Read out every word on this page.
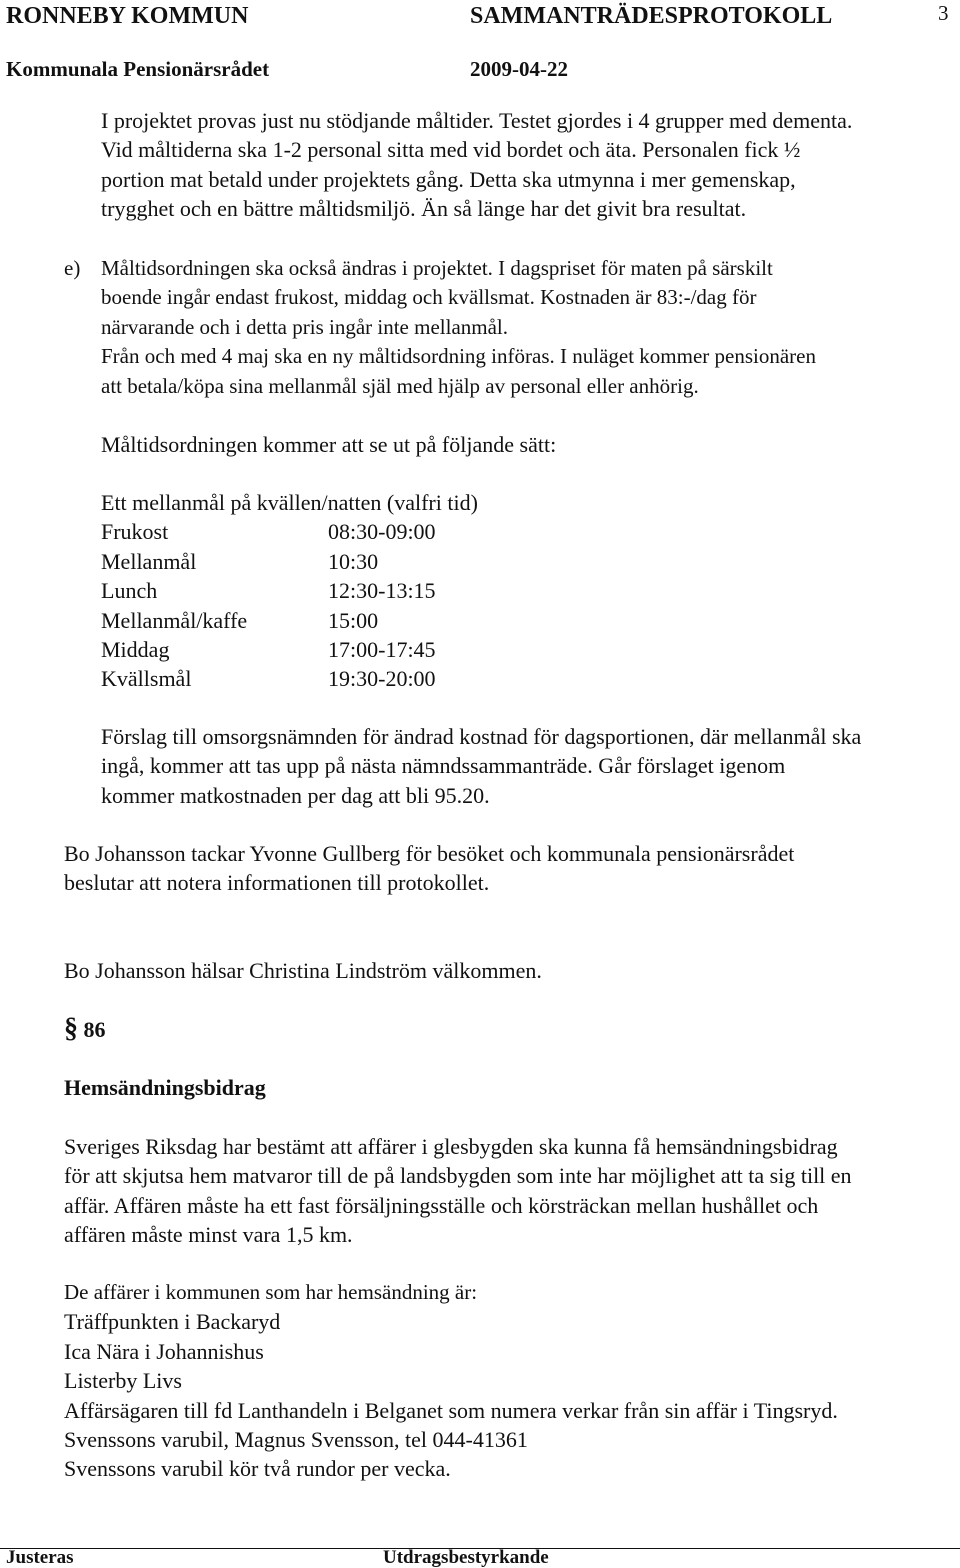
RONNEBY KOMMUN	SAMMANTRÄDESPROTOKOLL	3
Kommunala Pensionärsrådet	2009-04-22
I projektet provas just nu stödjande måltider. Testet gjordes i 4 grupper med dementa.
Vid måltiderna ska 1-2 personal sitta med vid bordet och äta. Personalen fick ½
portion mat betald under projektets gång. Detta ska utmynna i mer gemenskap,
trygghet och en bättre måltidsmiljö. Än så länge har det givit bra resultat.
e) Måltidsordningen ska också ändras i projektet. I dagspriset för maten på särskilt
boende ingår endast frukost, middag och kvällsmat. Kostnaden är 83:-/dag för
närvarande och i detta pris ingår inte mellanmål.
Från och med 4 maj ska en ny måltidsordning införas. I nuläget kommer pensionären
att betala/köpa sina mellanmål själ med hjälp av personal eller anhörig.
Måltidsordningen kommer att se ut på följande sätt:
Ett mellanmål på kvällen/natten (valfri tid)
Frukost	08:30-09:00
Mellanmål	10:30
Lunch	12:30-13:15
Mellanmål/kaffe	15:00
Middag	17:00-17:45
Kvällsmål	19:30-20:00
Förslag till omsorgsnämnden för ändrad kostnad för dagsportionen, där mellanmål ska
ingå, kommer att tas upp på nästa nämndssammanträde. Går förslaget igenom
kommer matkostnaden per dag att bli 95.20.
Bo Johansson tackar Yvonne Gullberg för besöket och kommunala pensionärsrådet
beslutar att notera informationen till protokollet.
Bo Johansson hälsar Christina Lindström välkommen.
§ 86
Hemsändningsbidrag
Sveriges Riksdag har bestämt att affärer i glesbygden ska kunna få hemsändningsbidrag
för att skjutsa hem matvaror till de på landsbygden som inte har möjlighet att ta sig till en
affär. Affären måste ha ett fast försäljningsställe och körsträckan mellan hushållet och
affären måste minst vara 1,5 km.
De affärer i kommunen som har hemsändning är:
Träffpunkten i Backaryd
Ica Nära i Johannishus
Listerby Livs
Affärsägaren till fd Lanthandeln i Belganet som numera verkar från sin affär i Tingsryd.
Svenssons varubil, Magnus Svensson, tel 044-41361
Svenssons varubil kör två rundor per vecka.
Justeras	Utdragsbestyrkande
